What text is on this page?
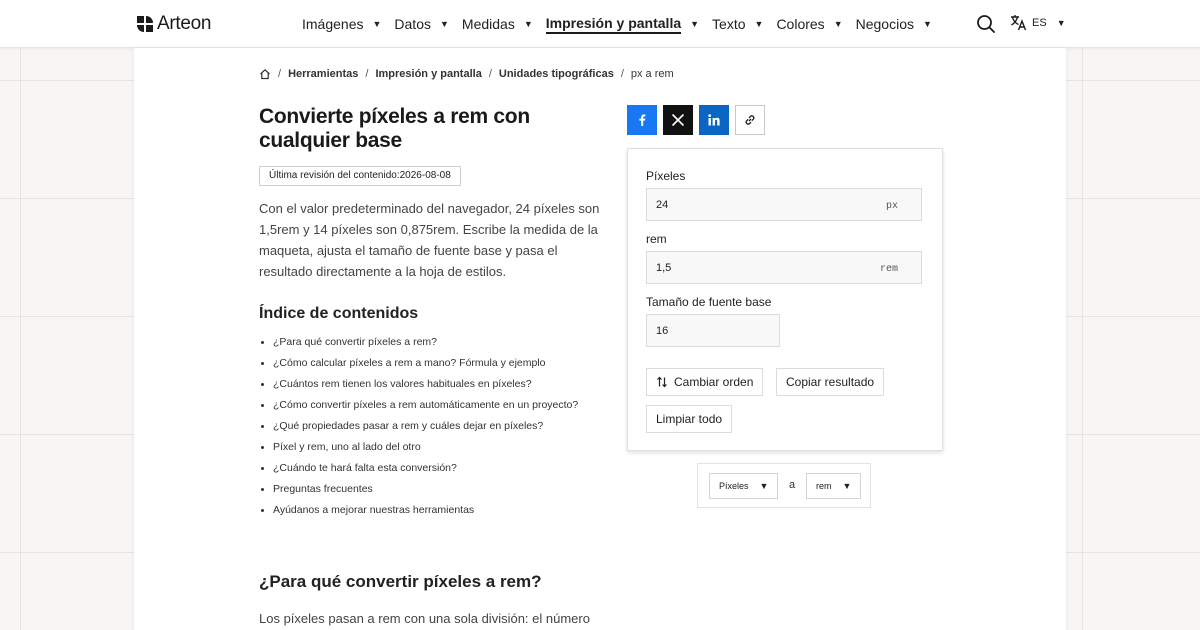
Arteon	Imágenes ▼ Datos ▼ Medidas ▼ Impresión y pantalla ▼ Texto ▼ Colores ▼ Negocios ▼	ES ▼
/ Herramientas / Impresión y pantalla / Unidades tipográficas / px a rem
Convierte píxeles a rem con cualquier base
Última revisión del contenido: 2026-08-08

Con el valor predeterminado del navegador, 24 píxeles son 1,5rem y 14 píxeles son 0,875rem. Escribe la medida de la maqueta, ajusta el tamaño de fuente base y pasa el resultado directamente a la hoja de estilos.

Índice de contenidos
¿Para qué convertir píxeles a rem?
¿Cómo calcular píxeles a rem a mano? Fórmula y ejemplo
¿Cuántos rem tienen los valores habituales en píxeles?
¿Cómo convertir píxeles a rem automáticamente en un proyecto?
¿Qué propiedades pasar a rem y cuáles dejar en píxeles?
Píxel y rem, uno al lado del otro
¿Cuándo te hará falta esta conversión?
Preguntas frecuentes
Ayúdanos a mejorar nuestras herramientas
¿Para qué convertir píxeles a rem?

Los píxeles pasan a rem con una sola división: el número

Píxeles
24
px
rem
1,5
rem
Tamaño de fuente base
16
Cambiar orden	Copiar resultado
Limpiar todo
Píxeles ▼ a rem ▼
